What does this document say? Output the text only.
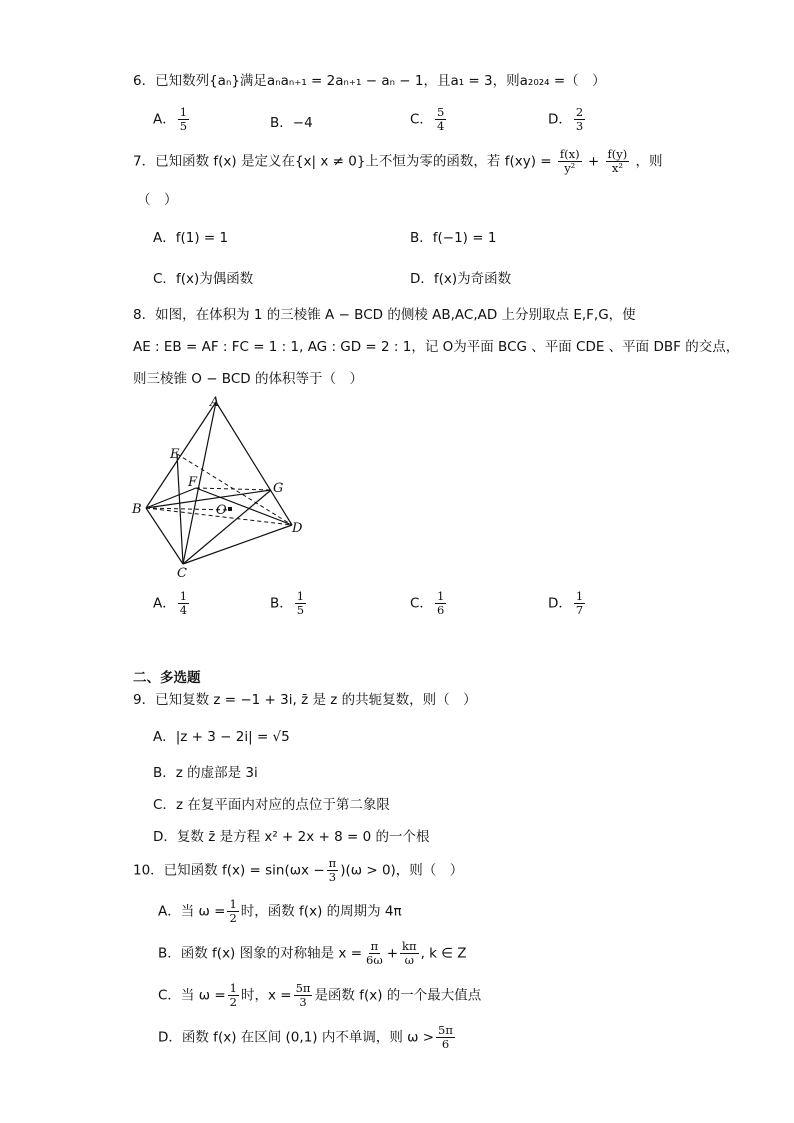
6．已知数列{aₙ}满足aₙaₙ₊₁ = 2aₙ₊₁ − aₙ − 1，且a₁ = 3，则a₂₀₂₄ =（　）
A． $\frac{1}{5}$	B．−4	C． $\frac{5}{4}$	D． $\frac{2}{3}$
7．已知函数 f(x) 是定义在{x| x ≠ 0}上不恒为零的函数，若 $f(xy) = \frac{f(x)}{\text{y²}} + \frac{f(y)}{\text{x²}}$ ，则
（　）
A．f(1) = 1	B．f(−1) = 1
C．f(x)为偶函数	D．f(x)为奇函数
8．如图，在体积为 1 的三棱锥 A − BCD 的侧棱 AB,AC,AD 上分别取点 E,F,G，使
AE : EB = AF : FC = 1 : 1, AG : GD = 2 : 1，记 O为平面 BCG 、平面 CDE 、平面 DBF 的交点，
则三棱锥 O − BCD 的体积等于（　）
A
B
C
D
E
F	G
O
A． $\frac{1}{4}$	B． $\frac{1}{5}$	C． $\frac{1}{6}$	D． $\frac{1}{7}$
二、多选题
9．已知复数 z = −1 + 3i, z̄ 是 z 的共轭复数，则（　）
A．|z + 3 − 2i| = √5
B．z 的虚部是 3i
C．z 在复平面内对应的点位于第二象限
D．复数 z̄ 是方程 x² + 2x + 8 = 0 的一个根
10．已知函数 $f(x) = \sin(\omega x - \frac{\pi}{3} )(\omega > 0)$，则（　）
A．当 $\omega = \frac{1}{2}$ 时，函数 f(x) 的周期为 4π
B．函数 f(x) 图象的对称轴是 $x = \frac{\pi}{6\omega} + \frac{k\pi}{\omega}$ , k ∈ Z
C．当 $\omega = \frac{1}{2}$ 时，$x = \frac{5\pi}{3}$ 是函数 f(x) 的一个最大值点
D．函数 f(x) 在区间 (0,1) 内不单调，则 $\omega > \frac{5\pi}{6}$
